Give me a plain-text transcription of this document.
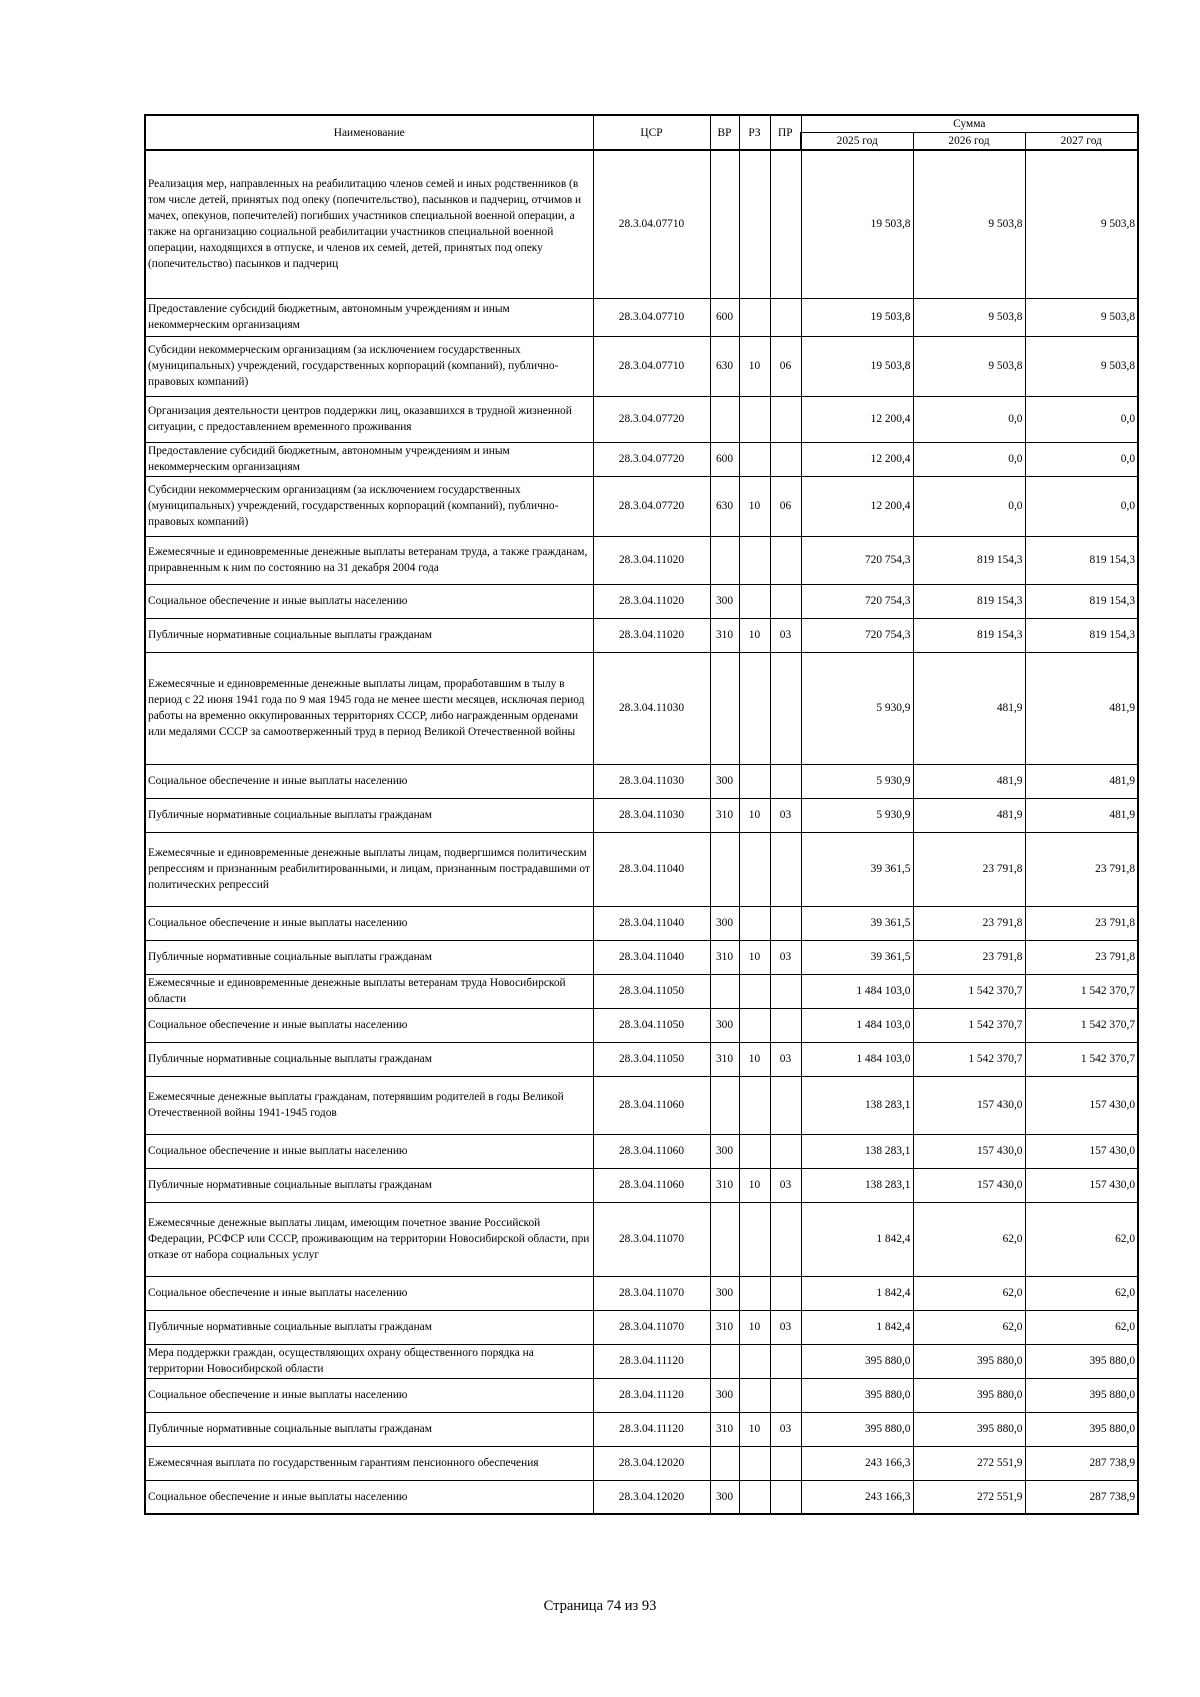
Наименование	ЦСР	ВР	РЗ	ПР	Сумма		
					2025 год	2026 год	2027 год
Реализация мер, направленных на реабилитацию членов семей и иных родственников (в том числе детей, принятых под опеку (попечительство), пасынков и падчериц, отчимов и мачех, опекунов, попечителей) погибших участников специальной военной операции, а также на организацию социальной реабилитации участников специальной военной операции, находящихся в отпуске, и членов их семей, детей, принятых под опеку (попечительство) пасынков и падчериц	28.3.04.07710				19 503,8	9 503,8	9 503,8
Предоставление субсидий бюджетным, автономным учреждениям и иным некоммерческим организациям	28.3.04.07710	600			19 503,8	9 503,8	9 503,8
Субсидии некоммерческим организациям (за исключением государственных (муниципальных) учреждений, государственных корпораций (компаний), публично-правовых компаний)	28.3.04.07710	630	10	06	19 503,8	9 503,8	9 503,8
Организация деятельности центров поддержки лиц, оказавшихся в трудной жизненной ситуации, с предоставлением временного проживания	28.3.04.07720				12 200,4	0,0	0,0
Предоставление субсидий бюджетным, автономным учреждениям и иным некоммерческим организациям	28.3.04.07720	600			12 200,4	0,0	0,0
Субсидии некоммерческим организациям (за исключением государственных (муниципальных) учреждений, государственных корпораций (компаний), публично-правовых компаний)	28.3.04.07720	630	10	06	12 200,4	0,0	0,0
Ежемесячные и единовременные денежные выплаты ветеранам труда, а также гражданам, приравненным к ним по состоянию на 31 декабря 2004 года	28.3.04.11020				720 754,3	819 154,3	819 154,3
Социальное обеспечение и иные выплаты населению	28.3.04.11020	300			720 754,3	819 154,3	819 154,3
Публичные нормативные социальные выплаты гражданам	28.3.04.11020	310	10	03	720 754,3	819 154,3	819 154,3
Ежемесячные и единовременные денежные выплаты лицам, проработавшим в тылу в период с 22 июня 1941 года по 9 мая 1945 года не менее шести месяцев, исключая период работы на временно оккупированных территориях СССР, либо награжденным орденами или медалями СССР за самоотверженный труд в период Великой Отечественной войны	28.3.04.11030				5 930,9	481,9	481,9
Социальное обеспечение и иные выплаты населению	28.3.04.11030	300			5 930,9	481,9	481,9
Публичные нормативные социальные выплаты гражданам	28.3.04.11030	310	10	03	5 930,9	481,9	481,9
Ежемесячные и единовременные денежные выплаты лицам, подвергшимся политическим репрессиям и признанным реабилитированными, и лицам, признанным пострадавшими от политических репрессий	28.3.04.11040				39 361,5	23 791,8	23 791,8
Социальное обеспечение и иные выплаты населению	28.3.04.11040	300			39 361,5	23 791,8	23 791,8
Публичные нормативные социальные выплаты гражданам	28.3.04.11040	310	10	03	39 361,5	23 791,8	23 791,8
Ежемесячные и единовременные денежные выплаты ветеранам труда Новосибирской области	28.3.04.11050				1 484 103,0	1 542 370,7	1 542 370,7
Социальное обеспечение и иные выплаты населению	28.3.04.11050	300			1 484 103,0	1 542 370,7	1 542 370,7
Публичные нормативные социальные выплаты гражданам	28.3.04.11050	310	10	03	1 484 103,0	1 542 370,7	1 542 370,7
Ежемесячные денежные выплаты гражданам, потерявшим родителей в годы Великой Отечественной войны 1941-1945 годов	28.3.04.11060				138 283,1	157 430,0	157 430,0
Социальное обеспечение и иные выплаты населению	28.3.04.11060	300			138 283,1	157 430,0	157 430,0
Публичные нормативные социальные выплаты гражданам	28.3.04.11060	310	10	03	138 283,1	157 430,0	157 430,0
Ежемесячные денежные выплаты лицам, имеющим почетное звание Российской Федерации, РСФСР или СССР, проживающим на территории Новосибирской области, при отказе от набора социальных услуг	28.3.04.11070				1 842,4	62,0	62,0
Социальное обеспечение и иные выплаты населению	28.3.04.11070	300			1 842,4	62,0	62,0
Публичные нормативные социальные выплаты гражданам	28.3.04.11070	310	10	03	1 842,4	62,0	62,0
Мера поддержки граждан, осуществляющих охрану общественного порядка на территории Новосибирской области	28.3.04.11120				395 880,0	395 880,0	395 880,0
Социальное обеспечение и иные выплаты населению	28.3.04.11120	300			395 880,0	395 880,0	395 880,0
Публичные нормативные социальные выплаты гражданам	28.3.04.11120	310	10	03	395 880,0	395 880,0	395 880,0
Ежемесячная выплата по государственным гарантиям пенсионного обеспечения	28.3.04.12020				243 166,3	272 551,9	287 738,9
Социальное обеспечение и иные выплаты населению	28.3.04.12020	300			243 166,3	272 551,9	287 738,9
Страница 74 из 93
